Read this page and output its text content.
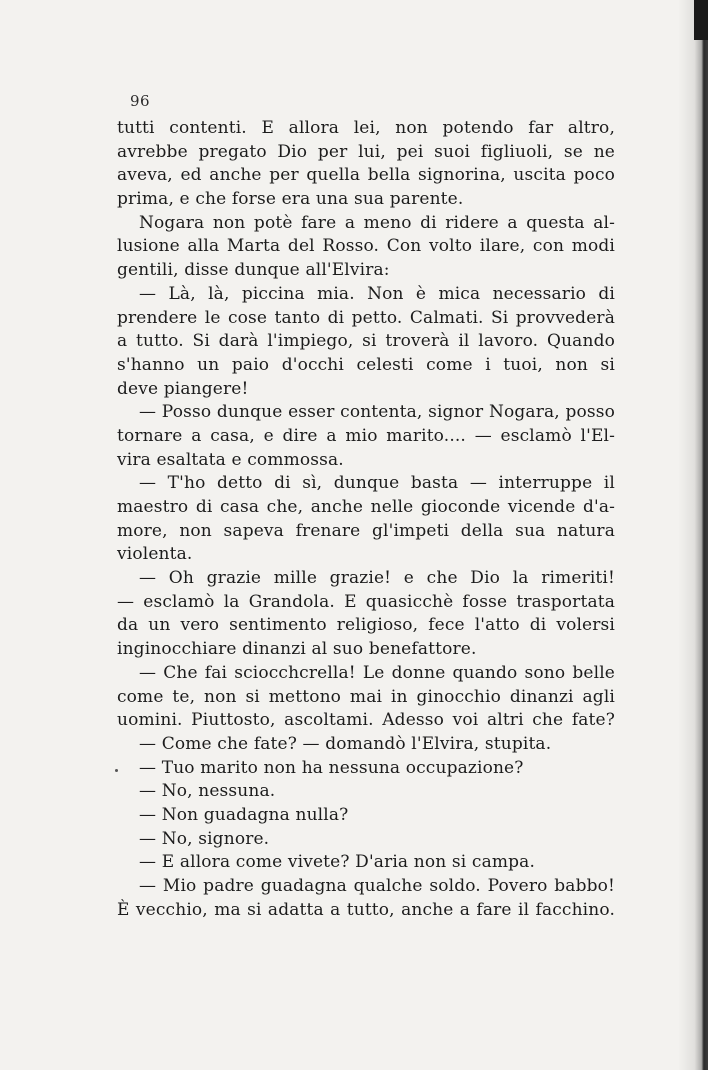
96
tutti contenti. E allora lei, non potendo far altro,
avrebbe pregato Dio per lui, pei suoi figliuoli, se ne
aveva, ed anche per quella bella signorina, uscita poco
prima, e che forse era una sua parente.
Nogara non potè fare a meno di ridere a questa al-
lusione alla Marta del Rosso. Con volto ilare, con modi
gentili, disse dunque all'Elvira:
— Là, là, piccina mia. Non è mica necessario di
prendere le cose tanto di petto. Calmati. Si provvederà
a tutto. Si darà l'impiego, si troverà il lavoro. Quando
s'hanno un paio d'occhi celesti come i tuoi, non si
deve piangere!
— Posso dunque esser contenta, signor Nogara, posso
tornare a casa, e dire a mio marito.... — esclamò l'El-
vira esaltata e commossa.
— T'ho detto di sì, dunque basta — interruppe il
maestro di casa che, anche nelle gioconde vicende d'a-
more, non sapeva frenare gl'impeti della sua natura
violenta.
— Oh grazie mille grazie! e che Dio la rimeriti!
— esclamò la Grandola. E quasicchè fosse trasportata
da un vero sentimento religioso, fece l'atto di volersi
inginocchiare dinanzi al suo benefattore.
— Che fai sciocchcrella! Le donne quando sono belle
come te, non si mettono mai in ginocchio dinanzi agli
uomini. Piuttosto, ascoltami. Adesso voi altri che fate?
— Come che fate? — domandò l'Elvira, stupita.
— Tuo marito non ha nessuna occupazione?
— No, nessuna.
— Non guadagna nulla?
— No, signore.
— E allora come vivete? D'aria non si campa.
— Mio padre guadagna qualche soldo. Povero babbo!
È vecchio, ma si adatta a tutto, anche a fare il facchino.
